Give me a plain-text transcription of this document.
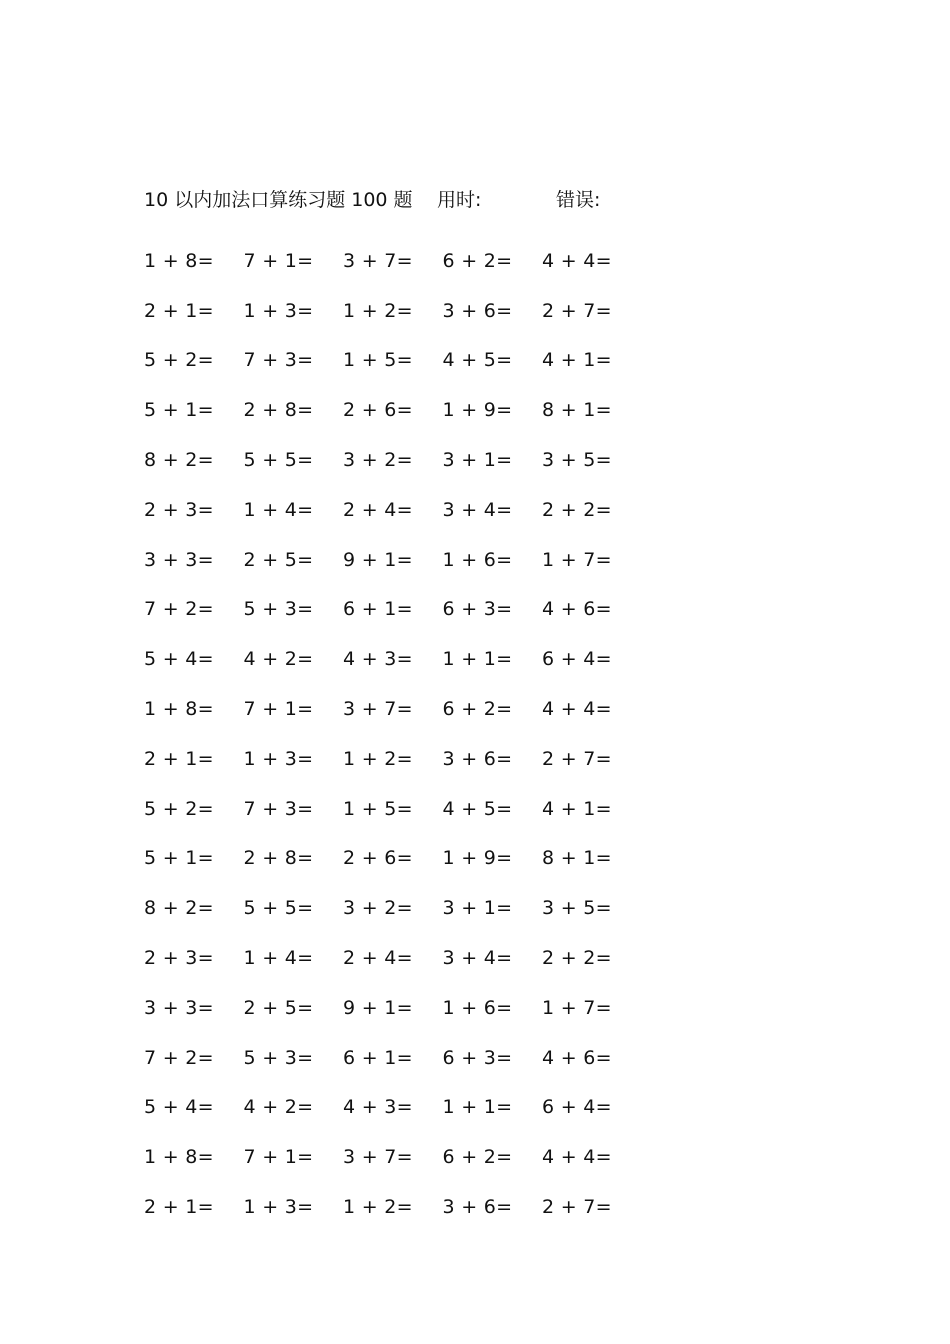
10 以内加法口算练习题 100 题 用时:	错误:
1 + 8=	7 + 1=	3 + 7=	6 + 2=	4 + 4=
2 + 1=	1 + 3=	1 + 2=	3 + 6=	2 + 7=
5 + 2=	7 + 3=	1 + 5=	4 + 5=	4 + 1=
5 + 1=	2 + 8=	2 + 6=	1 + 9=	8 + 1=
8 + 2=	5 + 5=	3 + 2=	3 + 1=	3 + 5=
2 + 3=	1 + 4=	2 + 4=	3 + 4=	2 + 2=
3 + 3=	2 + 5=	9 + 1=	1 + 6=	1 + 7=
7 + 2=	5 + 3=	6 + 1=	6 + 3=	4 + 6=
5 + 4=	4 + 2=	4 + 3=	1 + 1=	6 + 4=
1 + 8=	7 + 1=	3 + 7=	6 + 2=	4 + 4=
2 + 1=	1 + 3=	1 + 2=	3 + 6=	2 + 7=
5 + 2=	7 + 3=	1 + 5=	4 + 5=	4 + 1=
5 + 1=	2 + 8=	2 + 6=	1 + 9=	8 + 1=
8 + 2=	5 + 5=	3 + 2=	3 + 1=	3 + 5=
2 + 3=	1 + 4=	2 + 4=	3 + 4=	2 + 2=
3 + 3=	2 + 5=	9 + 1=	1 + 6=	1 + 7=
7 + 2=	5 + 3=	6 + 1=	6 + 3=	4 + 6=
5 + 4=	4 + 2=	4 + 3=	1 + 1=	6 + 4=
1 + 8=	7 + 1=	3 + 7=	6 + 2=	4 + 4=
2 + 1=	1 + 3=	1 + 2=	3 + 6=	2 + 7=
